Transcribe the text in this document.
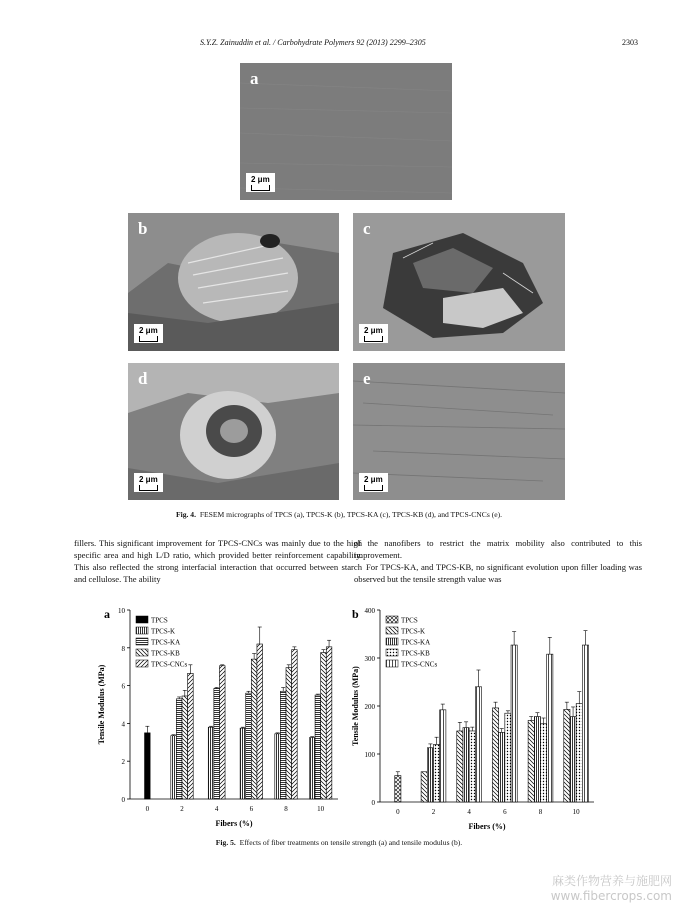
S.Y.Z. Zainuddin et al. / Carbohydrate Polymers 92 (2013) 2299–2305	2303
a
2 μm
b
2 μm
c
2 μm
d
2 μm
e
2 μm
Fig. 4. FESEM micrographs of TPCS (a), TPCS-K (b), TPCS-KA (c), TPCS-KB (d), and TPCS-CNCs (e).

fillers. This significant improvement for TPCS-CNCs was mainly due to the high specific area and high L/D ratio, which provided better reinforcement capability. This also reflected the strong interfacial interaction that occurred between starch and cellulose. The ability

of the nanofibers to restrict the matrix mobility also contributed to this improvement.

For TPCS-KA, and TPCS-KB, no significant evolution upon filler loading was observed but the tensile strength value was

0
2
4
6
8
10
0	2	4	6	8	10
Fibers (%)
Tensile Modulus (MPa)
a	TPCS
TPCS-K
TPCS-KA
TPCS-KB
TPCS-CNCs
0
100
200
300
400
0	2	4	6	8	10
Fibers (%)
Tensile Modulus (MPa)
b	TPCS
TPCS-K
TPCS-KA
TPCS-KB
TPCS-CNCs
Fig. 5. Effects of fiber treatments on tensile strength (a) and tensile modulus (b).
麻类作物营养与施肥网
www.fibercrops.com
